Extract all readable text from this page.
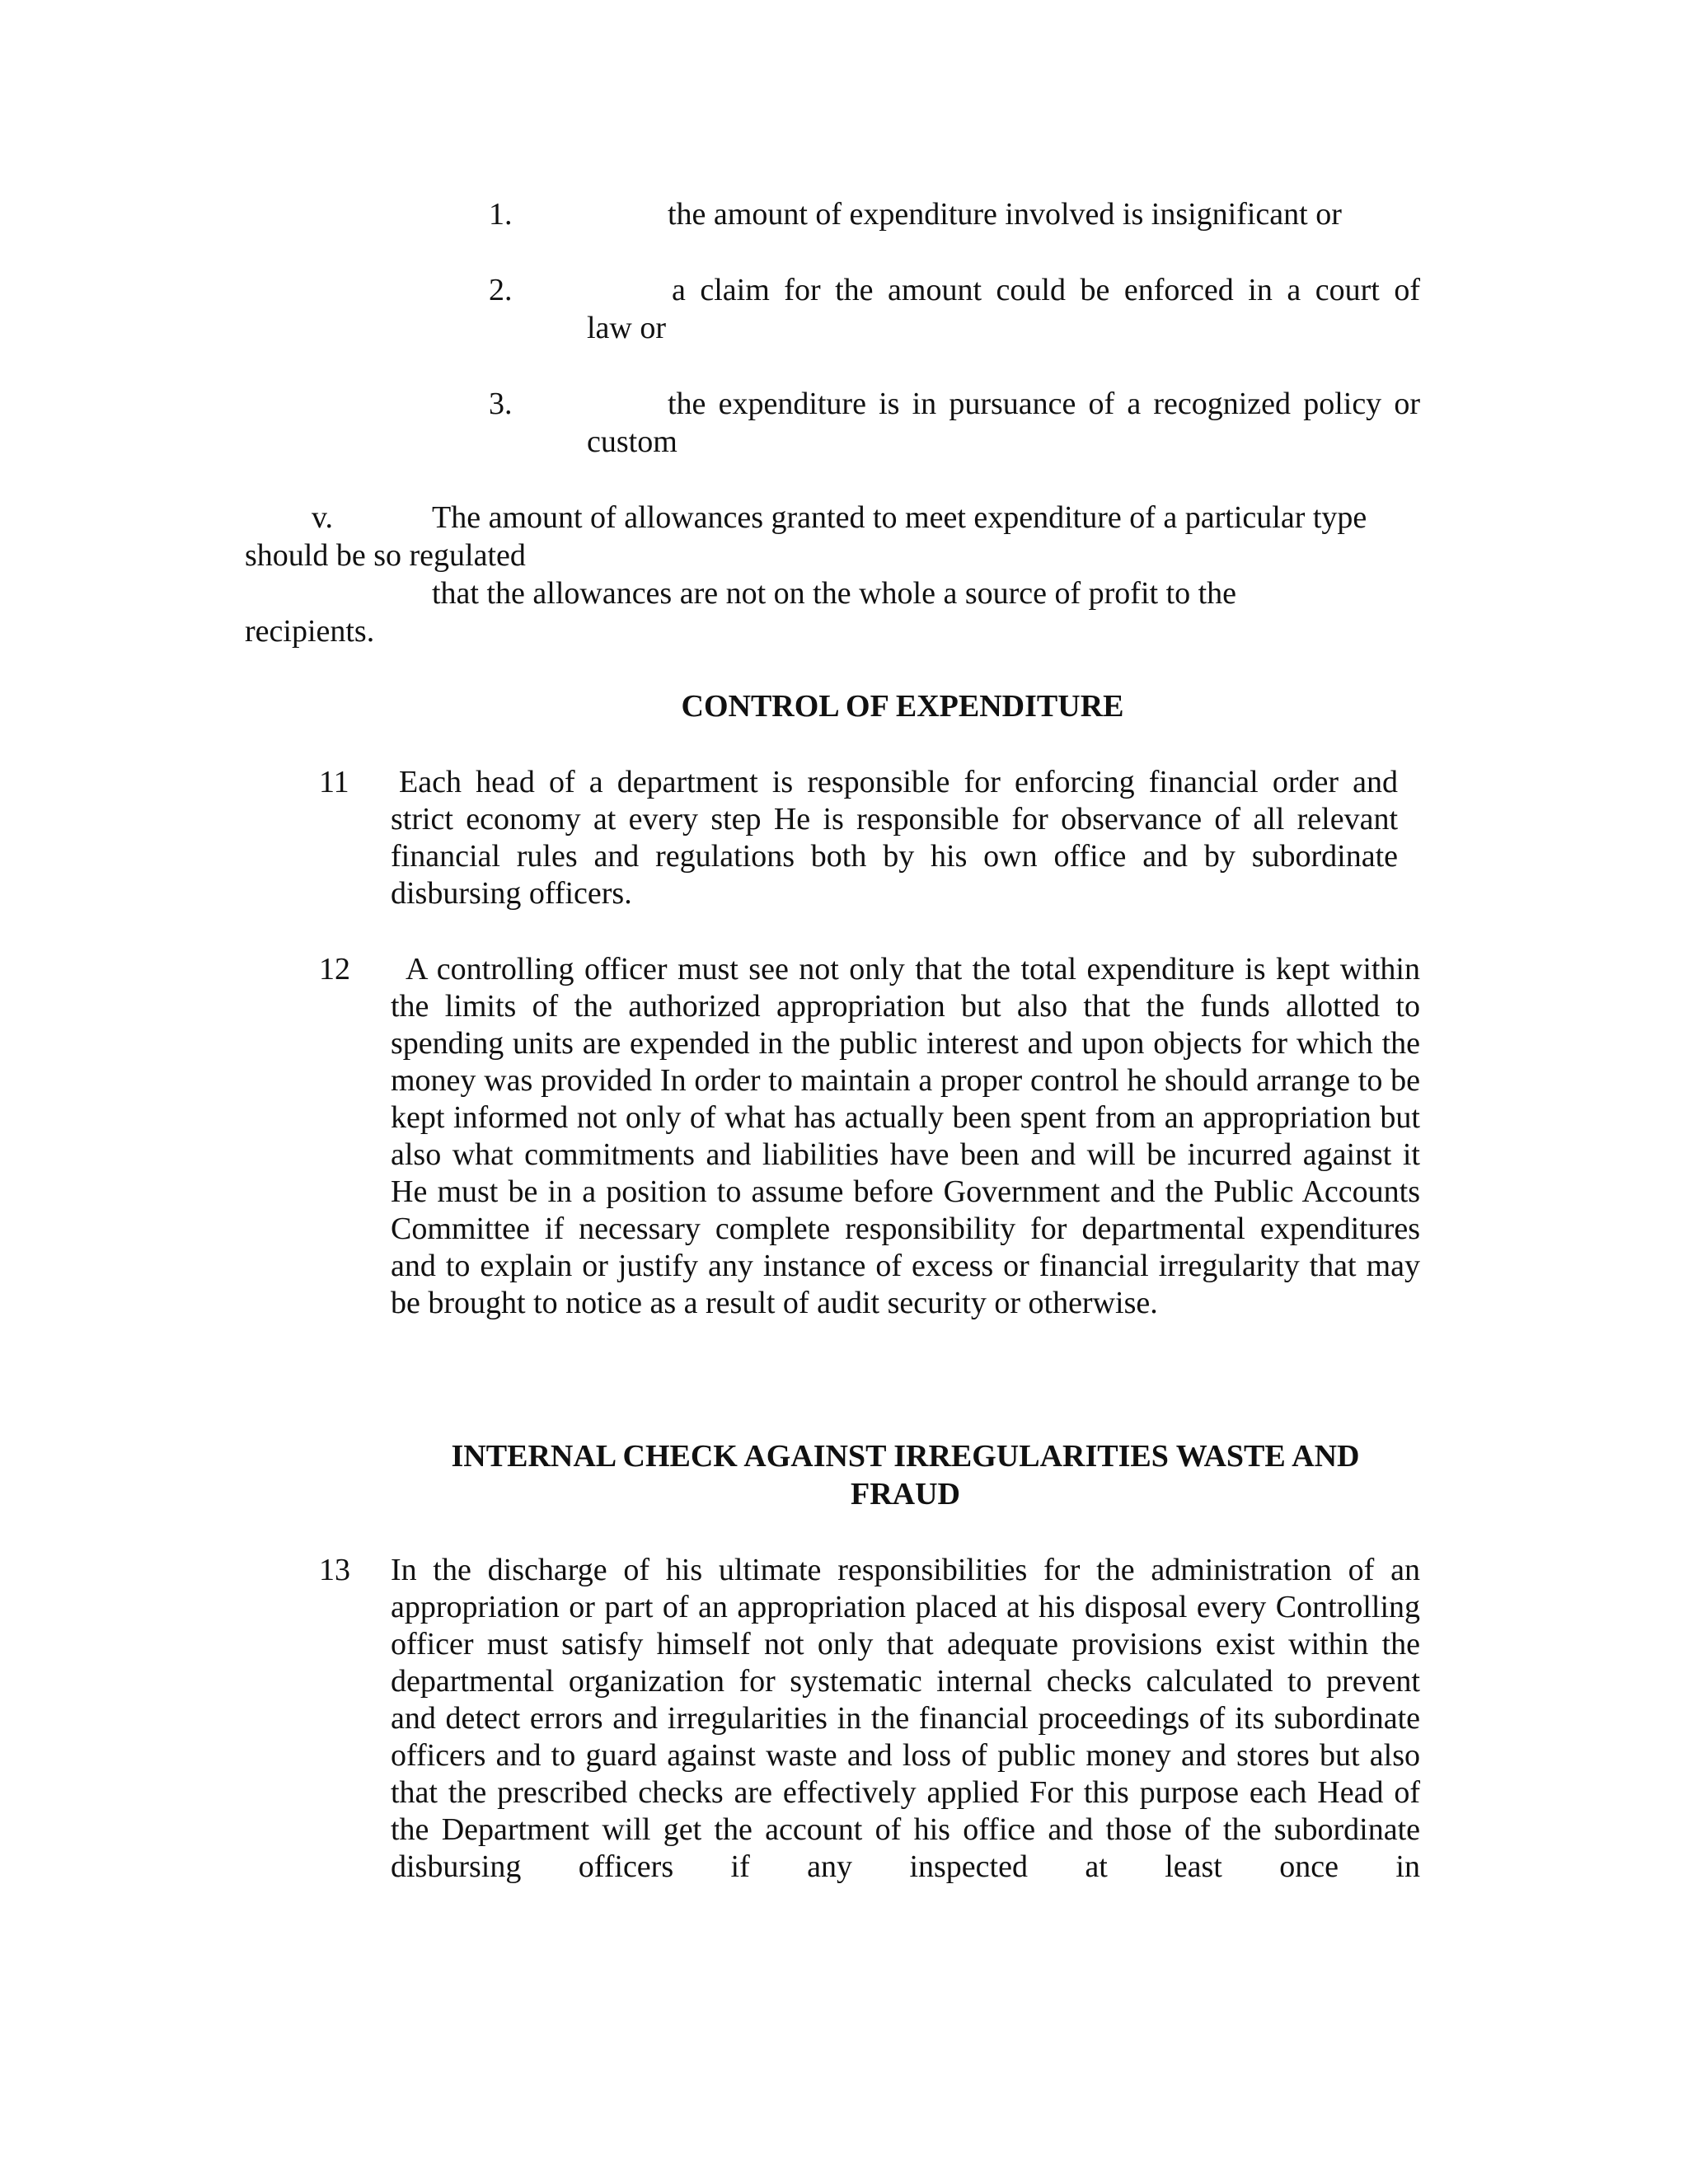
1.	the amount of expenditure involved is insignificant or
2.	a claim for the amount could be enforced in a court of
law or
3.	the expenditure is in pursuance of a recognized policy or
custom
v.	The amount of allowances granted to meet expenditure of a particular type
should be so regulated
that the allowances are not on the whole a source of profit to the
recipients.
CONTROL OF EXPENDITURE
11 Each head of a department is responsible for enforcing financial order and strict economy at every step He is responsible for observance of all relevant financial rules and regulations both by his own office and by subordinate disbursing officers.
12	A controlling officer must see not only that the total expenditure is kept within the limits of the authorized appropriation but also that the funds allotted to spending units are expended in the public interest and upon objects for which the money was provided In order to maintain a proper control he should arrange to be kept informed not only of what has actually been spent from an appropriation but also what commitments and liabilities have been and will be incurred against it He must be in a position to assume before Government and the Public Accounts Committee if necessary complete responsibility for departmental expenditures and to explain or justify any instance of excess or financial irregularity that may be brought to notice as a result of audit security or otherwise.
INTERNAL CHECK AGAINST IRREGULARITIES WASTE AND
FRAUD
13 In the discharge of his ultimate responsibilities for the administration of an appropriation or part of an appropriation placed at his disposal every Controlling officer must satisfy himself not only that adequate provisions exist within the departmental organization for systematic internal checks calculated to prevent and detect errors and irregularities in the financial proceedings of its subordinate officers and to guard against waste and loss of public money and stores but also that the prescribed checks are effectively applied For this purpose each Head of the Department will get the account of his office and those of the subordinate disbursing officers if any inspected at least once in
